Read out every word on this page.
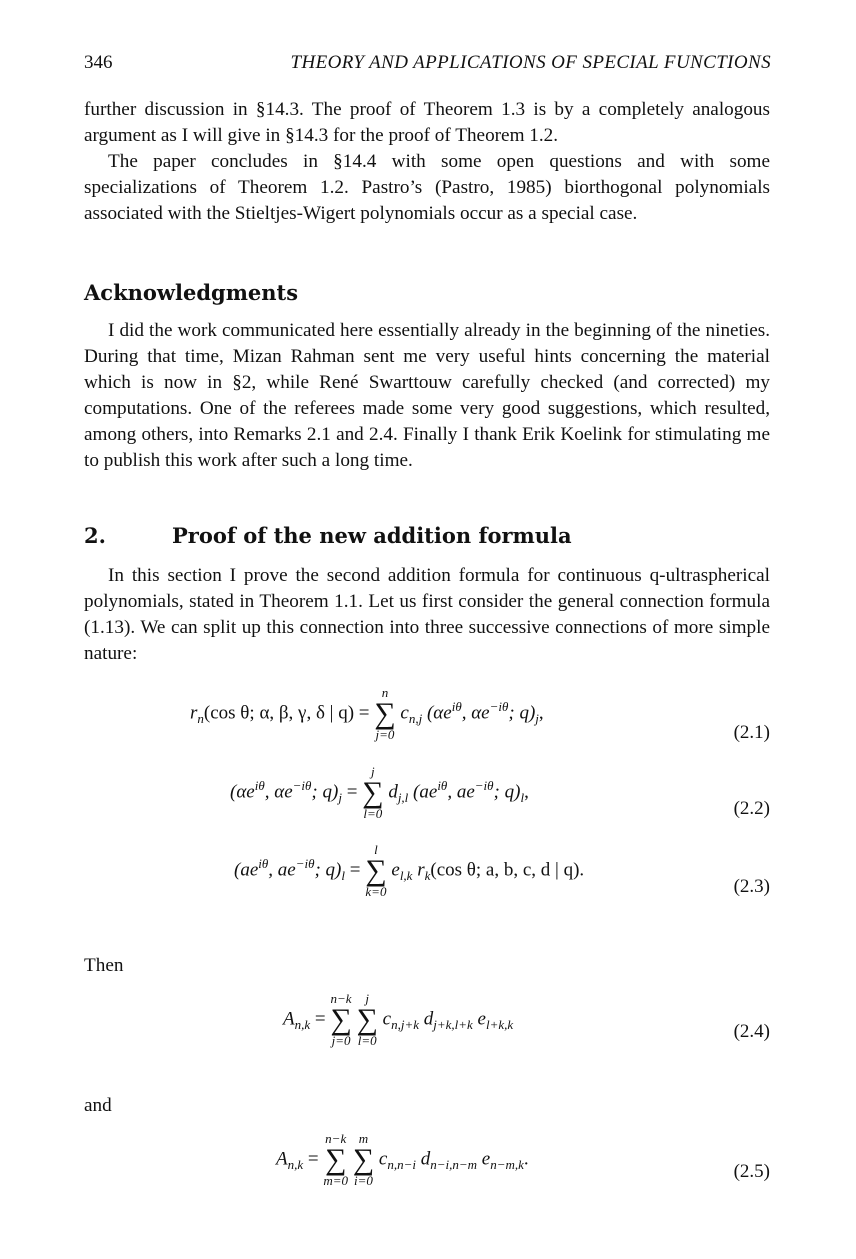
346	THEORY AND APPLICATIONS OF SPECIAL FUNCTIONS
further discussion in §14.3. The proof of Theorem 1.3 is by a completely analogous argument as I will give in §14.3 for the proof of Theorem 1.2.
The paper concludes in §14.4 with some open questions and with some specializations of Theorem 1.2. Pastro’s (Pastro, 1985) biorthogonal polynomials associated with the Stieltjes-Wigert polynomials occur as a special case.
Acknowledgments
I did the work communicated here essentially already in the beginning of the nineties. During that time, Mizan Rahman sent me very useful hints concerning the material which is now in §2, while René Swarttouw carefully checked (and corrected) my computations. One of the referees made some very good suggestions, which resulted, among others, into Remarks 2.1 and 2.4. Finally I thank Erik Koelink for stimulating me to publish this work after such a long time.
2.	Proof of the new addition formula
In this section I prove the second addition formula for continuous q-ultraspherical polynomials, stated in Theorem 1.1. Let us first consider the general connection formula (1.13). We can split up this connection into three successive connections of more simple nature:
$r_n(\cos$ θ; α, β, γ, δ | q) =
n
∑
j=0
$c_{n,j}$ ($\alpha e^{i\theta}$, $\alpha e^{-i\theta}$; $q)_j$,
(2.1)
($\alpha e^{i\theta}$, $\alpha e^{-i\theta}$; $q)_j$ =
j
∑
l=0
$d_{j,l}$ ($ae^{i\theta}$, $ae^{-i\theta}$; $q)_l$,
(2.2)
($ae^{i\theta}$, $ae^{-i\theta}$; $q)_l$ =
l
∑
k=0
$e_{l,k}$ $r_k(\cos$ θ; a, b, c, d | q).
(2.3)
Then
$A_{n,k}$ =
n−k
∑
j=0

j
∑
l=0
$c_{n,j+k}$ $d_{j+k,l+k}$ $e_{l+k,k}$	(2.4)
and
$A_{n,k}$ =
n−k
∑
m=0

m
∑
i=0
$c_{n,n-i}$ $d_{n-i,n-m}$ $e_{n-m,k}$.
(2.5)
